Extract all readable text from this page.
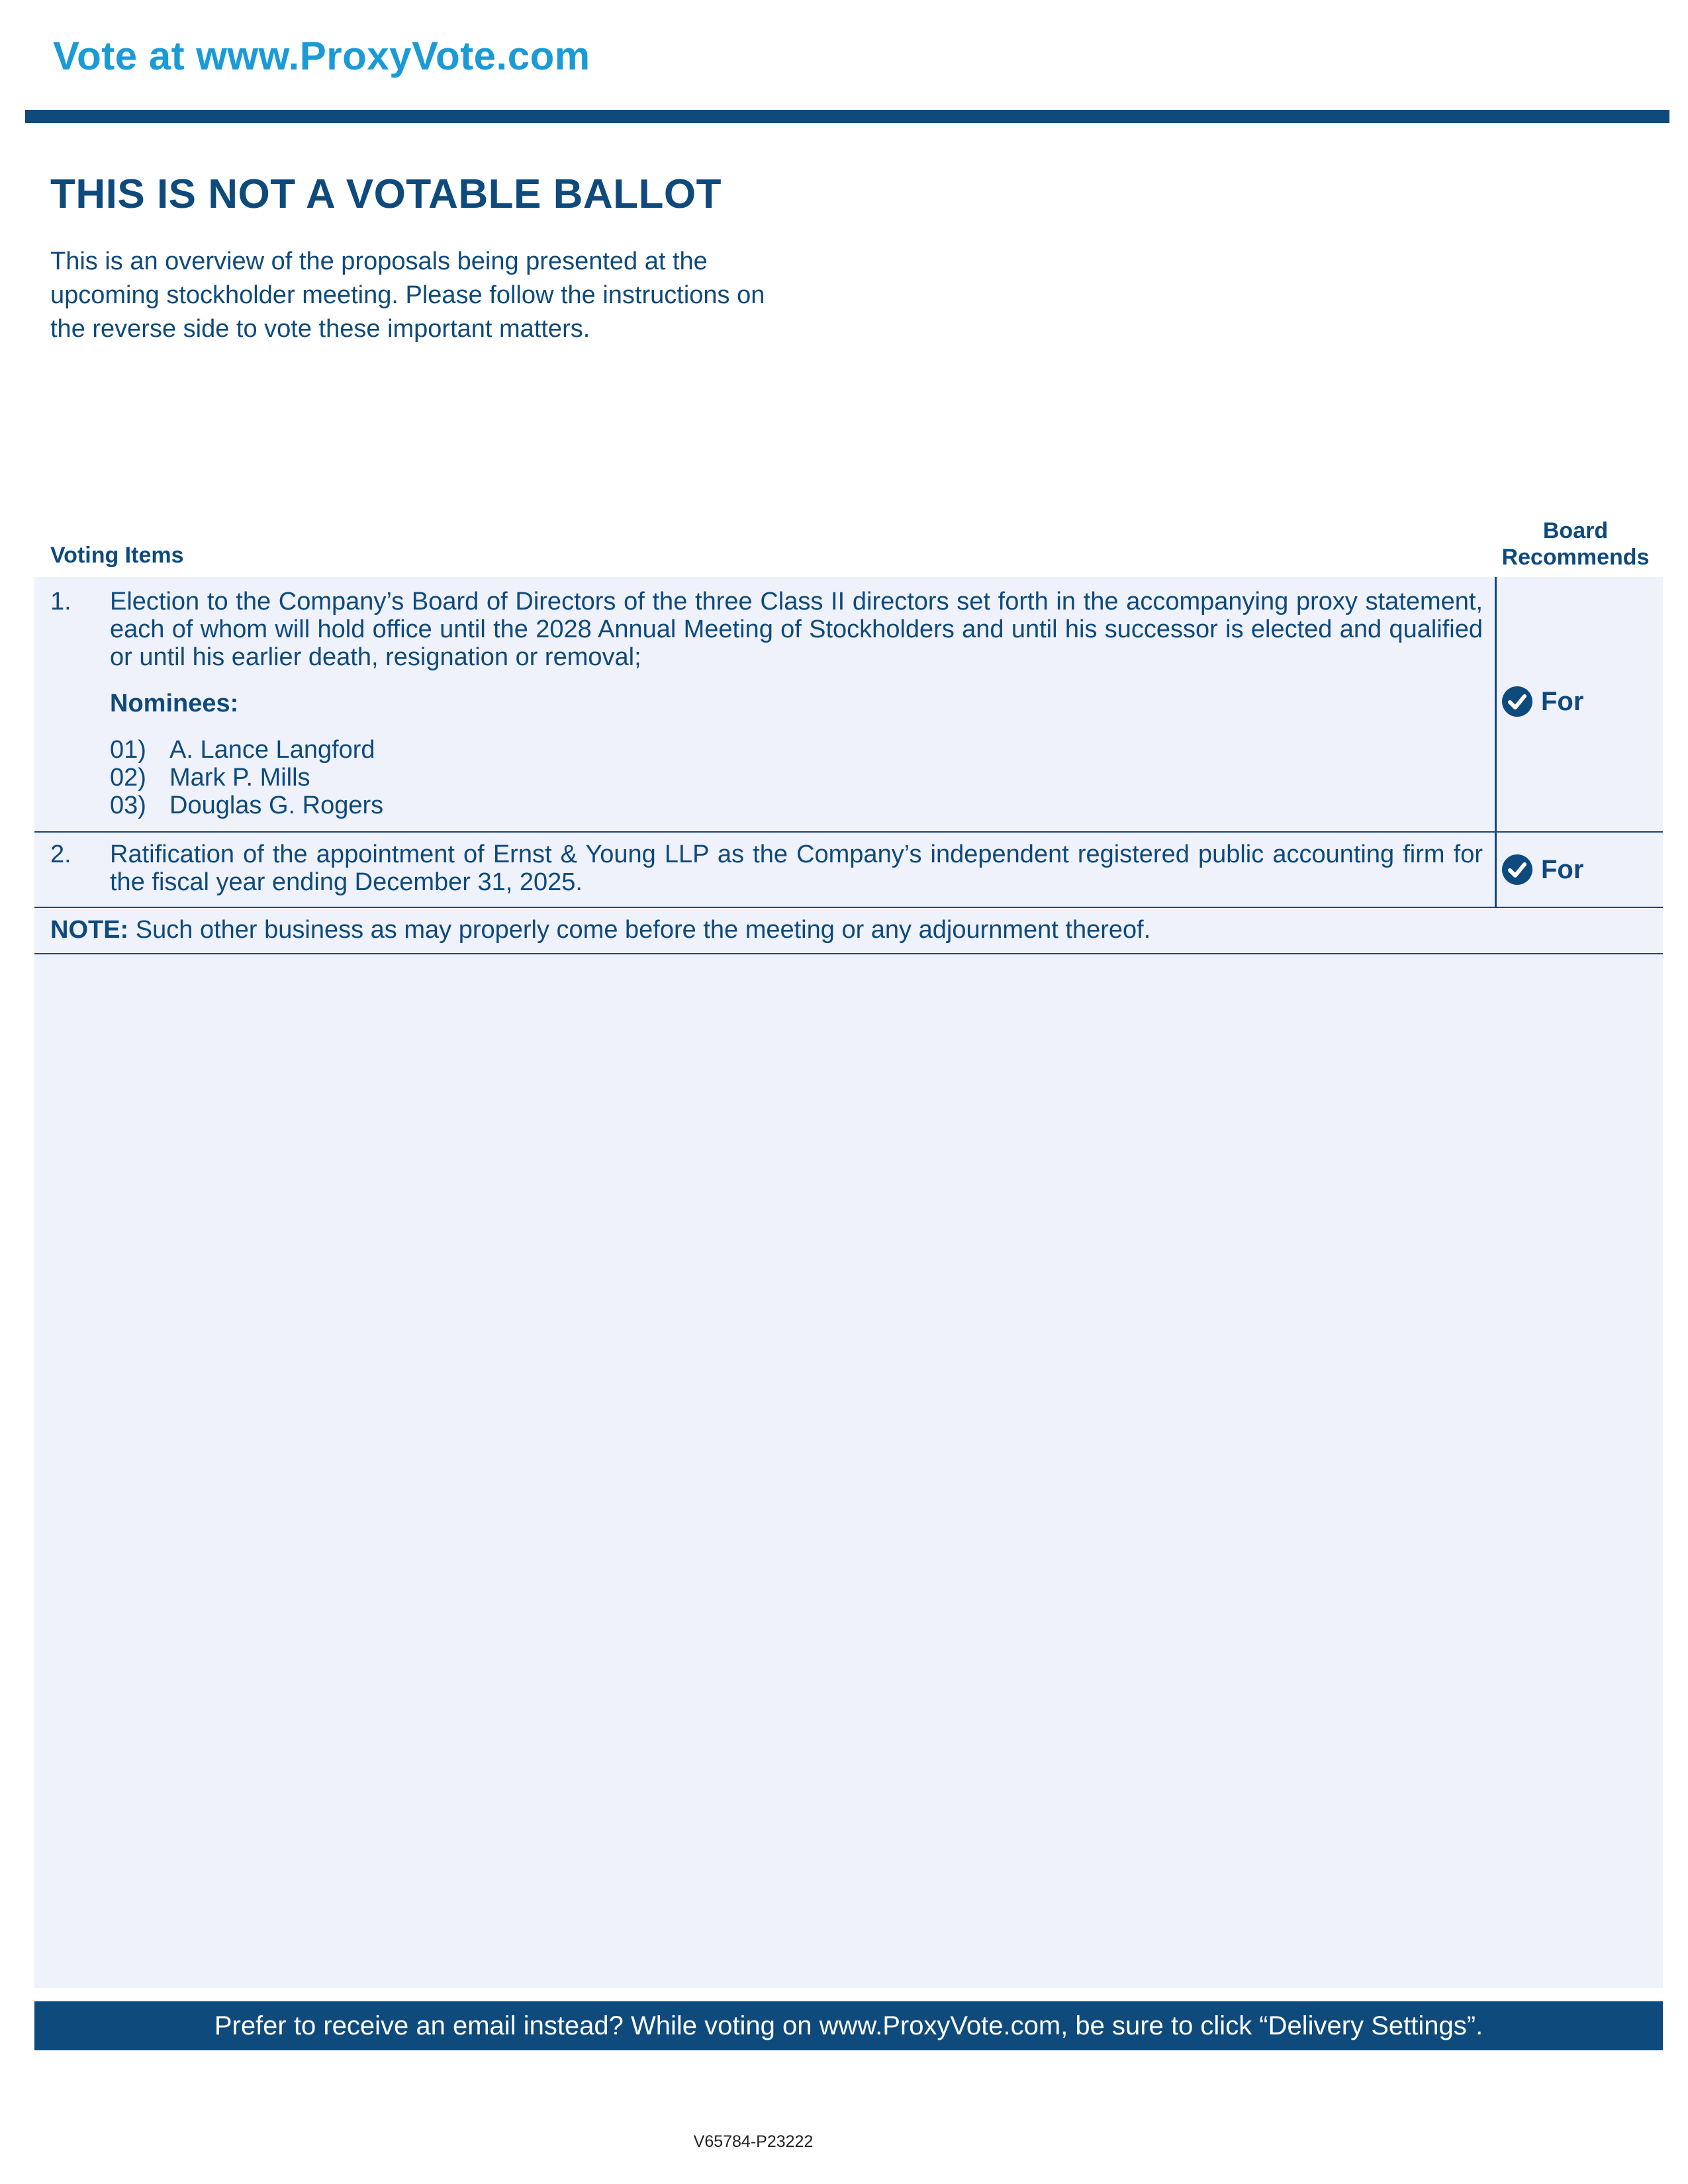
Vote at www.ProxyVote.com
THIS IS NOT A VOTABLE BALLOT
This is an overview of the proposals being presented at the
upcoming stockholder meeting. Please follow the instructions on
the reverse side to vote these important matters.
Voting Items
Board
Recommends
1. Election to the Company’s Board of Directors of the three Class II directors set forth in the accompanying proxy statement, each of whom will hold office until the 2028 Annual Meeting of Stockholders and until his successor is elected and qualified or until his earlier death, resignation or removal;
Nominees:
01) A. Lance Langford
02) Mark P. Mills
03) Douglas G. Rogers
For
2. Ratification of the appointment of Ernst & Young LLP as the Company’s independent registered public accounting firm for the fiscal year ending December 31, 2025.	For
NOTE: Such other business as may properly come before the meeting or any adjournment thereof.
Prefer to receive an email instead? While voting on www.ProxyVote.com, be sure to click “Delivery Settings”.
V65784-P23222
